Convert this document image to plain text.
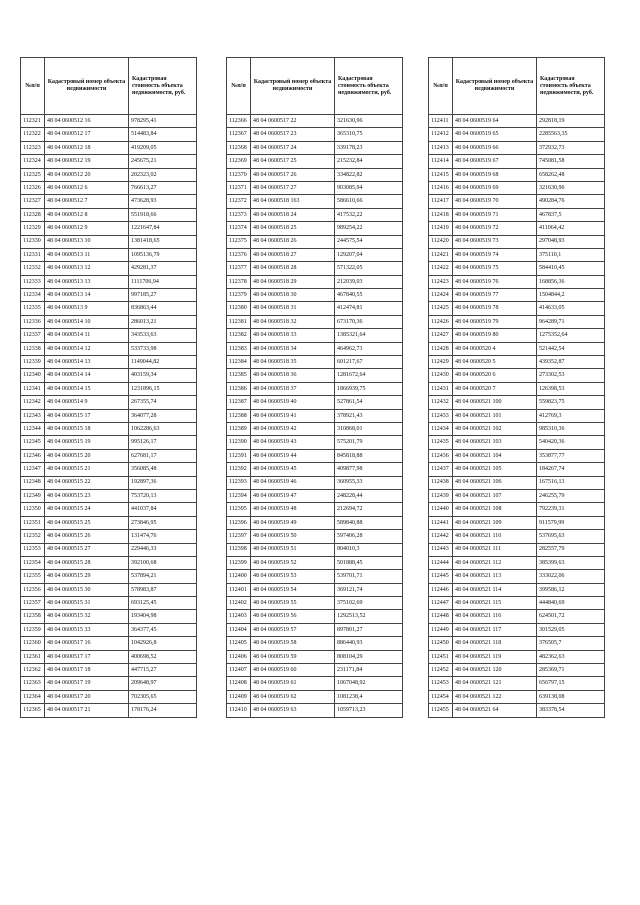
№п/п	Кадастровый номер объекта недвижимости	Кадастровая стоимость объекта недвижимости, руб.
112321	48 04 0600512 16	978295,41
112322	48 04 0600512 17	514483,84
112323	48 04 0600512 18	419209,05
112324	48 04 0600512 19	245675,21
112325	48 04 0600512 20	202323,02
112326	48 04 0600512 6	766613,27
112327	48 04 0600512 7	473628,93
112328	48 04 0600512 8	551918,66
112329	48 04 0600512 9	1221647,84
112330	48 04 0600513 10	1381418,65
112331	48 04 0600513 11	1095136,79
112332	48 04 0600513 12	429281,37
112333	48 04 0600513 13	1111706,94
112334	48 04 0600513 14	997185,27
112335	48 04 0600513 9	836863,44
112336	48 04 0600514 10	286013,21
112337	48 04 0600514 11	343533,63
112338	48 04 0600514 12	533733,98
112339	48 04 0600514 13	1149044,82
112340	48 04 0600514 14	403159,34
112341	48 04 0600514 15	1231896,15
112342	48 04 0600514 9	267355,74
112343	48 04 0600515 17	364077,28
112344	48 04 0600515 18	1062286,63
112345	48 04 0600515 19	995126,17
112346	48 04 0600515 20	627681,17
112347	48 04 0600515 21	356085,48
112348	48 04 0600515 22	192897,36
112349	48 04 0600515 23	753720,13
112350	48 04 0600515 24	441037,84
112351	48 04 0600515 25	273846,95
112352	48 04 0600515 26	131474,76
112353	48 04 0600515 27	229446,33
112354	48 04 0600515 28	392100,68
112355	48 04 0600515 29	537894,21
112356	48 04 0600515 30	578983,87
112357	48 04 0600515 31	693125,45
112358	48 04 0600515 32	193404,98
112359	48 04 0600515 33	364377,45
112360	48 04 0600517 16	1042926,8
112361	48 04 0600517 17	400698,52
112362	48 04 0600517 18	447715,27
112363	48 04 0600517 19	209648,97
112364	48 04 0600517 20	702305,65
112365	48 04 0600517 21	178176,24
№п/п	Кадастровый номер объекта недвижимости	Кадастровая стоимость объекта недвижимости, руб.
112366	48 04 0600517 22	321630,96
112367	48 04 0600517 23	365310,75
112368	48 04 0600517 24	339178,23
112369	48 04 0600517 25	215232,84
112370	48 04 0600517 26	334822,82
112371	48 04 0600517 27	903085,94
112372	48 04 0600518 163	586610,66
112373	48 04 0600518 24	417532,22
112374	48 04 0600518 25	989254,22
112375	48 04 0600518 26	244575,54
112376	48 04 0600518 27	129207,04
112377	48 04 0600518 28	571322,05
112378	48 04 0600518 29	212039,03
112379	48 04 0600518 30	467840,55
112380	48 04 0600518 31	412474,81
112381	48 04 0600518 32	673170,36
112382	48 04 0600518 33	1385321,64
112383	48 04 0600518 34	464962,73
112384	48 04 0600518 35	601217,67
112385	48 04 0600518 36	1281672,64
112386	48 04 0600518 37	1866939,75
112387	48 04 0600519 40	527861,54
112388	48 04 0600519 41	378921,43
112389	48 04 0600519 42	310868,01
112390	48 04 0600519 43	575201,79
112391	48 04 0600519 44	845818,88
112392	48 04 0600519 45	409877,98
112393	48 04 0600519 46	360955,33
112394	48 04 0600519 47	248228,44
112395	48 04 0600519 48	212694,72
112396	48 04 0600519 49	589840,88
112397	48 04 0600519 50	597406,28
112398	48 04 0600519 51	804010,3
112399	48 04 0600519 52	501888,45
112400	48 04 0600519 53	539701,71
112401	48 04 0600519 54	369121,74
112402	48 04 0600519 55	375102,69
112403	48 04 0600519 56	1292513,52
112404	48 04 0600519 57	897801,27
112405	48 04 0600519 58	886440,93
112406	48 04 0600519 59	808104,29
112407	48 04 0600519 60	231171,84
112408	48 04 0600519 61	1067048,92
112409	48 04 0600519 62	1081238,4
112410	48 04 0600519 63	1059713,23
№п/п	Кадастровый номер объекта недвижимости	Кадастровая стоимость объекта недвижимости, руб.
112411	48 04 0600519 64	292818,19
112412	48 04 0600519 65	2285563,35
112413	48 04 0600519 66	372932,73
112414	48 04 0600519 67	745081,58
112415	48 04 0600519 68	658262,48
112416	48 04 0600519 69	321630,96
112417	48 04 0600519 70	490284,76
112418	48 04 0600519 71	467837,5
112419	48 04 0600519 72	411064,42
112420	48 04 0600519 73	297048,93
112421	48 04 0600519 74	375110,1
112422	48 04 0600519 75	584410,45
112423	48 04 0600519 76	168856,36
112424	48 04 0600519 77	1504844,2
112425	48 04 0600519 78	414633,05
112426	48 04 0600519 79	964289,71
112427	48 04 0600519 80	1275352,64
112428	48 04 0600520 4	521442,54
112429	48 04 0600520 5	439352,87
112430	48 04 0600520 6	273302,53
112431	48 04 0600520 7	126398,53
112432	48 04 0600521 100	559823,75
112433	48 04 0600521 101	412769,3
112434	48 04 0600521 102	985310,36
112435	48 04 0600521 103	540420,36
112436	48 04 0600521 104	353877,77
112437	48 04 0600521 105	184267,74
112438	48 04 0600521 106	167516,13
112439	48 04 0600521 107	246255,79
112440	48 04 0600521 108	792239,31
112441	48 04 0600521 109	911579,99
112442	48 04 0600521 110	537695,63
112443	48 04 0600521 111	282557,79
112444	48 04 0600521 112	385399,63
112445	48 04 0600521 113	333022,06
112446	48 04 0600521 114	399586,12
112447	48 04 0600521 115	444840,69
112448	48 04 0600521 116	624501,72
112449	48 04 0600521 117	301529,05
112450	48 04 0600521 118	376505,7
112451	48 04 0600521 119	482362,63
112452	48 04 0600521 120	285369,71
112453	48 04 0600521 121	656797,15
112454	48 04 0600521 122	639138,08
112455	48 04 0600521 64	383378,54
